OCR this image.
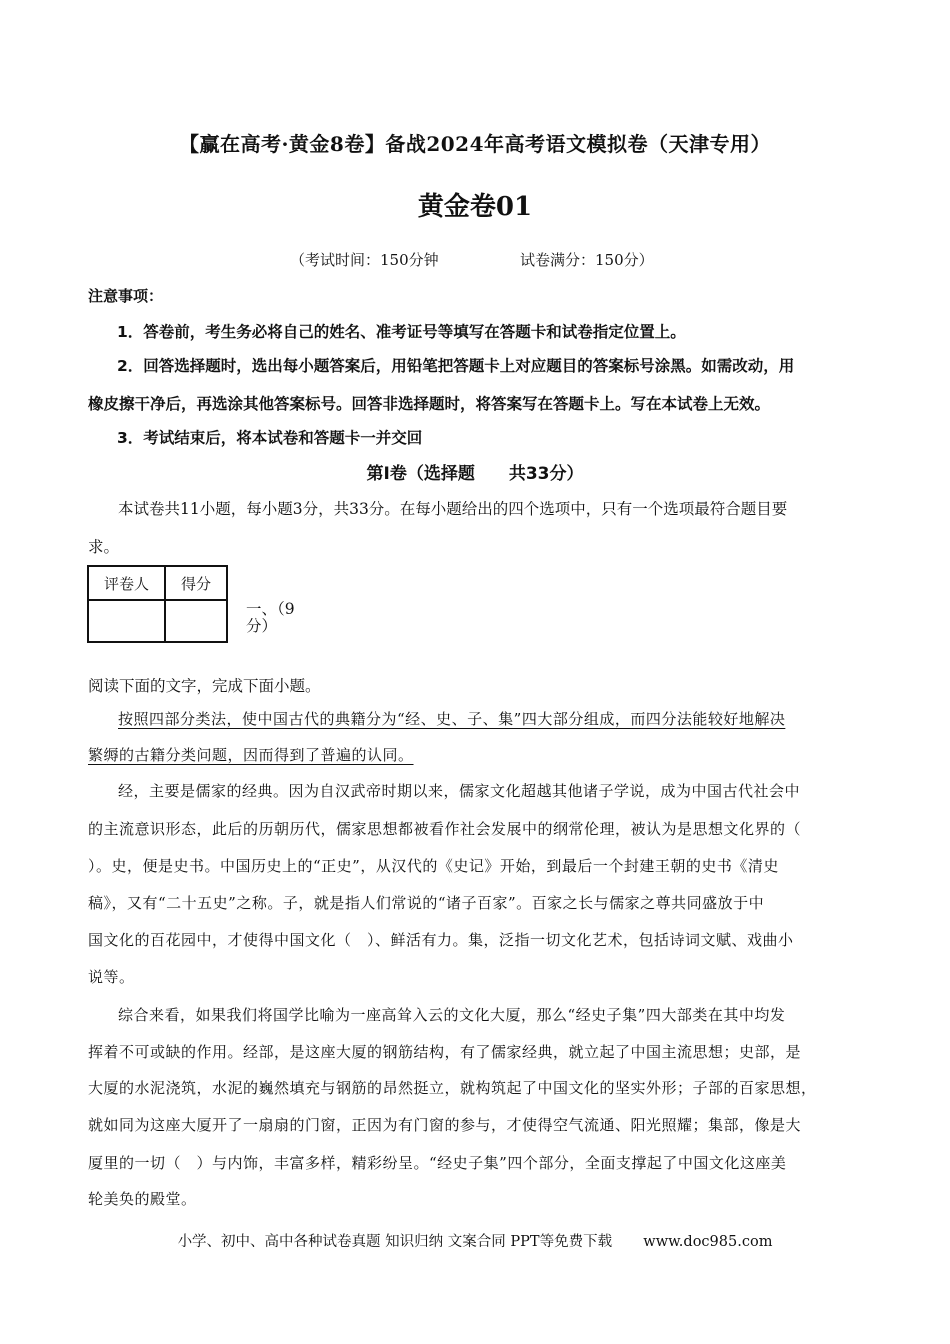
【赢在高考·黄金8卷】备战2024年高考语文模拟卷（天津专用）
黄金卷01
（考试时间：150分钟	试卷满分：150分）
注意事项：
1．答卷前，考生务必将自己的姓名、准考证号等填写在答题卡和试卷指定位置上。
2．回答选择题时，选出每小题答案后，用铅笔把答题卡上对应题目的答案标号涂黑。如需改动，用
橡皮擦干净后，再选涂其他答案标号。回答非选择题时，将答案写在答题卡上。写在本试卷上无效。
3．考试结束后，将本试卷和答题卡一并交回
第Ⅰ卷（选择题　　共33分）
本试卷共11小题，每小题3分，共33分。在每小题给出的四个选项中，只有一个选项最符合题目要
求。
评卷人	得分

一、（9
分）
阅读下面的文字，完成下面小题。
按照四部分类法，使中国古代的典籍分为“经、史、子、集”四大部分组成，而四分法能较好地解决
繁缛的古籍分类问题，因而得到了普遍的认同。
经，主要是儒家的经典。因为自汉武帝时期以来，儒家文化超越其他诸子学说，成为中国古代社会中
的主流意识形态，此后的历朝历代，儒家思想都被看作社会发展中的纲常伦理，被认为是思想文化界的（
）。史，便是史书。中国历史上的“正史”，从汉代的《史记》开始，到最后一个封建王朝的史书《清史
稿》，又有“二十五史”之称。子，就是指人们常说的“诸子百家”。百家之长与儒家之尊共同盛放于中
国文化的百花园中，才使得中国文化（　）、鲜活有力。集，泛指一切文化艺术，包括诗词文赋、戏曲小
说等。
综合来看，如果我们将国学比喻为一座高耸入云的文化大厦，那么“经史子集”四大部类在其中均发
挥着不可或缺的作用。经部，是这座大厦的钢筋结构，有了儒家经典，就立起了中国主流思想；史部，是
大厦的水泥浇筑，水泥的巍然填充与钢筋的昂然挺立，就构筑起了中国文化的坚实外形；子部的百家思想，
就如同为这座大厦开了一扇扇的门窗，正因为有门窗的参与，才使得空气流通、阳光照耀；集部，像是大
厦里的一切（　）与内饰，丰富多样，精彩纷呈。“经史子集”四个部分，全面支撑起了中国文化这座美
轮美奂的殿堂。
小学、初中、高中各种试卷真题 知识归纳 文案合同 PPT等免费下载 www.doc985.com
